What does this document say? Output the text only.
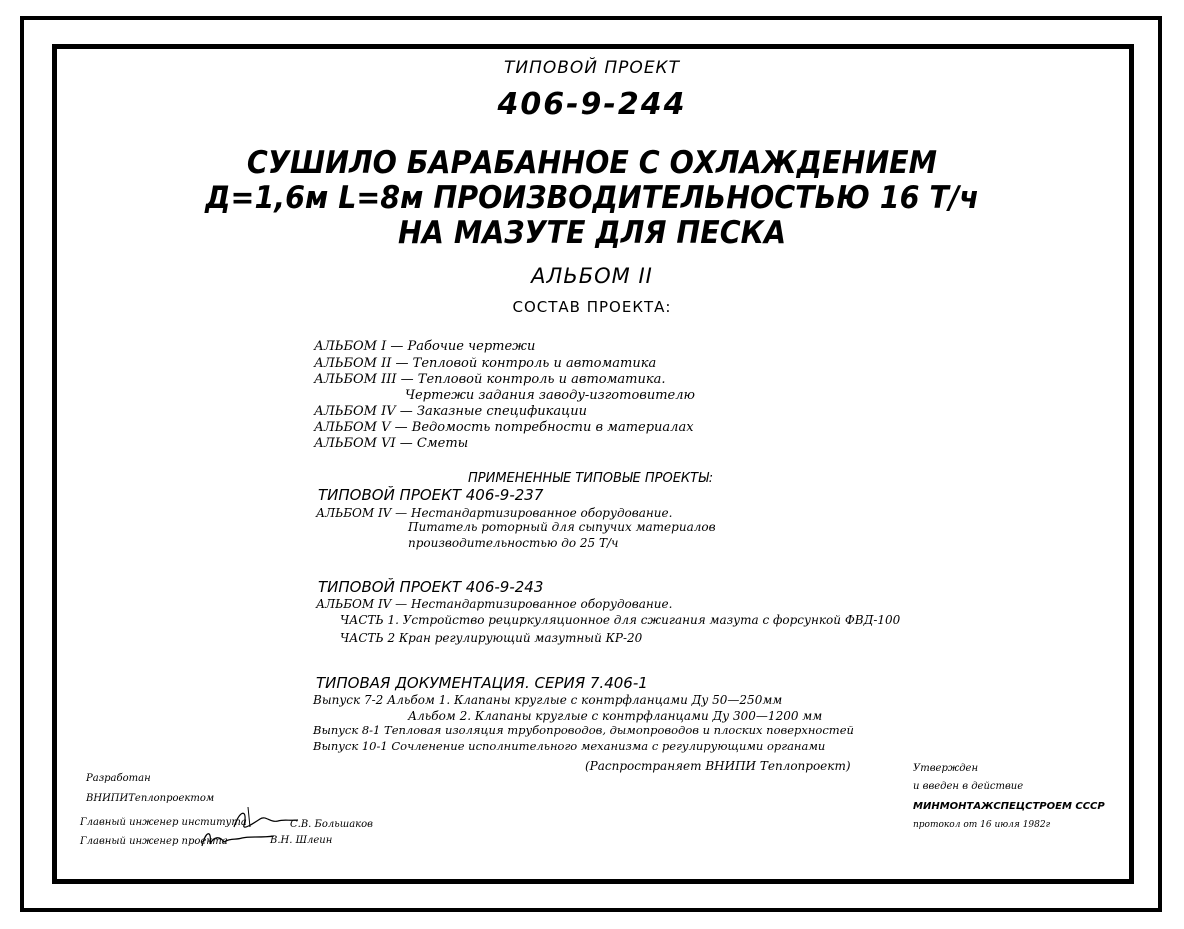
ТИПОВОЙ ПРОЕКТ
406-9-244
СУШИЛО БАРАБАННОЕ С ОХЛАЖДЕНИЕМ
Д=1,6м L=8м ПРОИЗВОДИТЕЛЬНОСТЬЮ 16 Т/ч
НА МАЗУТЕ ДЛЯ ПЕСКА
АЛЬБОМ II
СОСТАВ ПРОЕКТА:
АЛЬБОМ I — Рабочие чертежи
АЛЬБОМ II — Тепловой контроль и автоматика
АЛЬБОМ III — Тепловой контроль и автоматика.
Чертежи задания заводу-изготовителю
АЛЬБОМ IV — Заказные спецификации
АЛЬБОМ V — Ведомость потребности в материалах
АЛЬБОМ VI — Сметы
ПРИМЕНЕННЫЕ ТИПОВЫЕ ПРОЕКТЫ:
ТИПОВОЙ ПРОЕКТ 406-9-237
АЛЬБОМ IV — Нестандартизированное оборудование.
Питатель роторный для сыпучих материалов
производительностью до 25 Т/ч
ТИПОВОЙ ПРОЕКТ 406-9-243
АЛЬБОМ IV — Нестандартизированное оборудование.
ЧАСТЬ 1. Устройство рециркуляционное для сжигания мазута с форсункой ФВД-100
ЧАСТЬ 2 Кран регулирующий мазутный КР-20
ТИПОВАЯ ДОКУМЕНТАЦИЯ. СЕРИЯ 7.406-1
Выпуск 7-2 Альбом 1. Клапаны круглые с контрфланцами Ду 50—250мм
Альбом 2. Клапаны круглые с контрфланцами Ду 300—1200 мм
Выпуск 8-1 Тепловая изоляция трубопроводов, дымопроводов и плоских поверхностей
Выпуск 10-1 Сочленение исполнительного механизма с регулирующими органами
(Распространяет ВНИПИ Теплопроект)
Разработан
ВНИПИТеплопроектом
Главный инженер института	С.В. Большаков
Главный инженер проекта	В.Н. Шлеин
Утвержден
и введен в действие
МИНМОНТАЖСПЕЦСТРОЕМ СССР
протокол от 16 июля 1982г
